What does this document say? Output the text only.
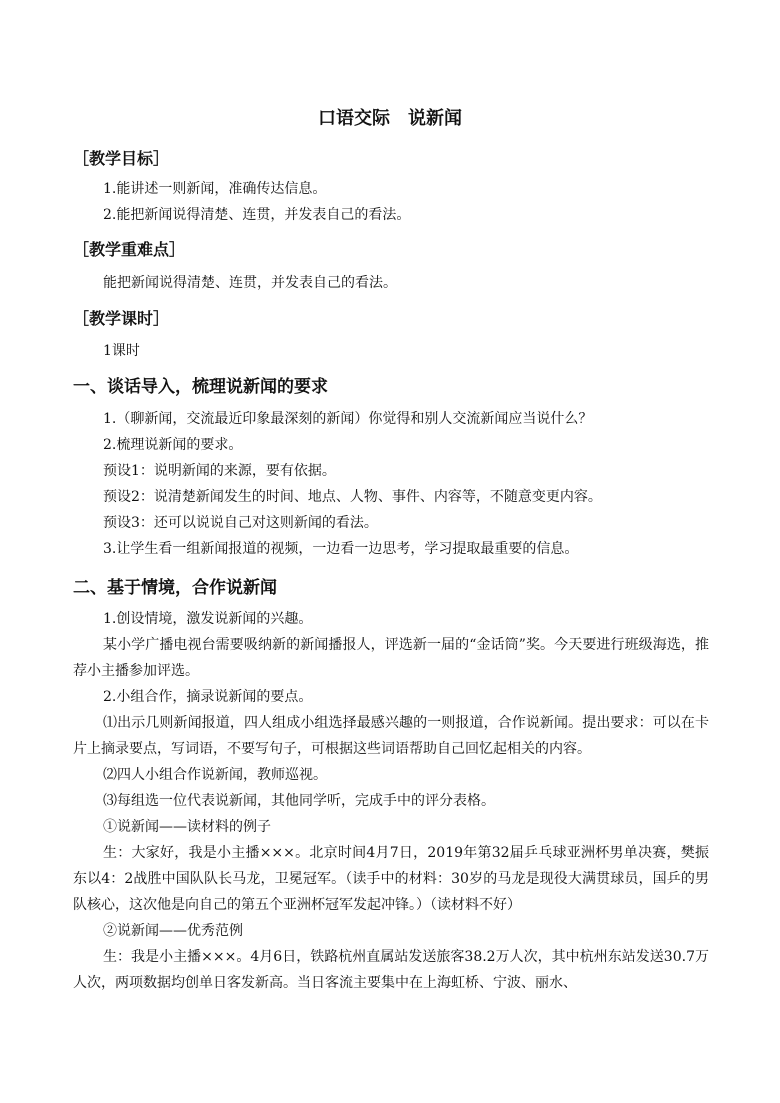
口语交际　说新闻
［教学目标］
1.能讲述一则新闻，准确传达信息。
2.能把新闻说得清楚、连贯，并发表自己的看法。
［教学重难点］
能把新闻说得清楚、连贯，并发表自己的看法。
［教学课时］
1课时
一、谈话导入，梳理说新闻的要求
1.（聊新闻，交流最近印象最深刻的新闻）你觉得和别人交流新闻应当说什么？
2.梳理说新闻的要求。
预设1：说明新闻的来源，要有依据。
预设2：说清楚新闻发生的时间、地点、人物、事件、内容等，不随意变更内容。
预设3：还可以说说自己对这则新闻的看法。
3.让学生看一组新闻报道的视频，一边看一边思考，学习提取最重要的信息。
二、基于情境，合作说新闻
1.创设情境，激发说新闻的兴趣。
某小学广播电视台需要吸纳新的新闻播报人，评选新一届的“金话筒”奖。今天要进行班级海选，推荐小主播参加评选。
2.小组合作，摘录说新闻的要点。
⑴出示几则新闻报道，四人组成小组选择最感兴趣的一则报道，合作说新闻。提出要求：可以在卡片上摘录要点，写词语，不要写句子，可根据这些词语帮助自己回忆起相关的内容。
⑵四人小组合作说新闻，教师巡视。
⑶每组选一位代表说新闻，其他同学听，完成手中的评分表格。
①说新闻——读材料的例子
生：大家好，我是小主播×××。北京时间4月7日，2019年第32届乒乓球亚洲杯男单决赛，樊振东以4：2战胜中国队队长马龙，卫冕冠军。（读手中的材料：30岁的马龙是现役大满贯球员，国乒的男队核心，这次他是向自己的第五个亚洲杯冠军发起冲锋。）（读材料不好）
②说新闻——优秀范例
生：我是小主播×××。4月6日，铁路杭州直属站发送旅客38.2万人次，其中杭州东站发送30.7万人次，两项数据均创单日客发新高。当日客流主要集中在上海虹桥、宁波、丽水、
